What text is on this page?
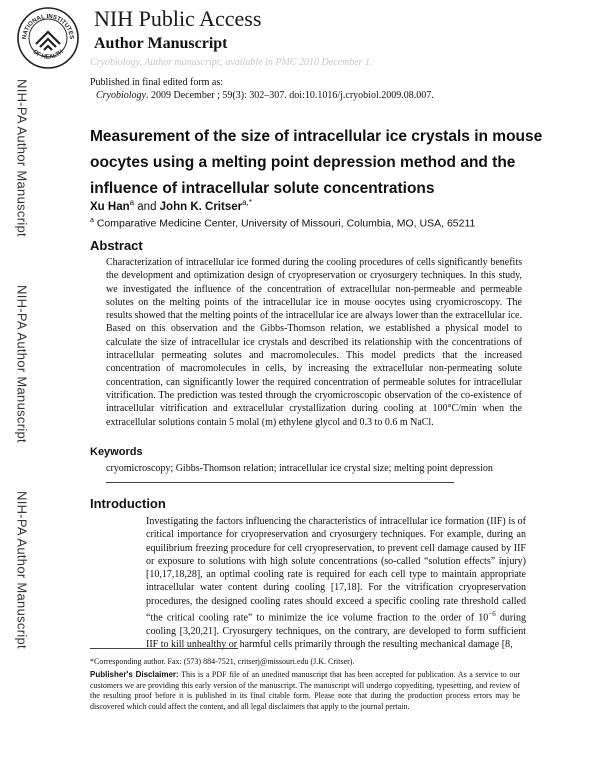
NATIONAL INSTITUTES
OF HEALTH
NIH Public Access
Author Manuscript
Cryobiology. Author manuscript; available in PMC 2010 December 1.
Published in final edited form as:
Cryobiology. 2009 December ; 59(3): 302–307. doi:10.1016/j.cryobiol.2009.08.007.
NIH-PA Author Manuscript
NIH-PA Author Manuscript
NIH-PA Author Manuscript
Measurement of the size of intracellular ice crystals in mouse oocytes using a melting point depression method and the influence of intracellular solute concentrations
Xu Han$^a$ and John K. Critser$^{a,*}$
$^a$ Comparative Medicine Center, University of Missouri, Columbia, MO, USA, 65211
Abstract
Characterization of intracellular ice formed during the cooling procedures of cells significantly benefits the development and optimization design of cryopreservation or cryosurgery techniques. In this study, we investigated the influence of the concentration of extracellular non-permeable and permeable solutes on the melting points of the intracellular ice in mouse oocytes using cryomicroscopy. The results showed that the melting points of the intracellular ice are always lower than the extracellular ice. Based on this observation and the Gibbs-Thomson relation, we established a physical model to calculate the size of intracellular ice crystals and described its relationship with the concentrations of intracellular permeating solutes and macromolecules. This model predicts that the increased concentration of macromolecules in cells, by increasing the extracellular non-permeating solute concentration, can significantly lower the required concentration of permeable solutes for intracellular vitrification. The prediction was tested through the cryomicroscopic observation of the co-existence of intracellular vitrification and extracellular crystallization during cooling at 100°C/min when the extracellular solutions contain 5 molal (m) ethylene glycol and 0.3 to 0.6 m NaCl.
Keywords
cryomicroscopy; Gibbs-Thomson relation; intracellular ice crystal size; melting point depression
Introduction
Investigating the factors influencing the characteristics of intracellular ice formation (IIF) is of critical importance for cryopreservation and cryosurgery techniques. For example, during an equilibrium freezing procedure for cell cryopreservation, to prevent cell damage caused by IIF or exposure to solutions with high solute concentrations (so-called “solution effects” injury) [10,17,18,28], an optimal cooling rate is required for each cell type to maintain appropriate intracellular water content during cooling [17,18]. For the vitrification cryopreservation procedures, the designed cooling rates should exceed a specific cooling rate threshold called “the critical cooling rate” to minimize the ice volume fraction to the order of $10^{-6}$ during cooling [3,20,21]. Cryosurgery techniques, on the contrary, are developed to form sufficient IIF to kill unhealthy or harmful cells primarily through the resulting mechanical damage [8,
*Corresponding author. Fax: (573) 884-7521, critserj@missouri.edu (J.K. Critser).
Publisher's Disclaimer: This is a PDF file of an unedited manuscript that has been accepted for publication. As a service to our customers we are providing this early version of the manuscript. The manuscript will undergo copyediting, typesetting, and review of the resulting proof before it is published in its final citable form. Please note that during the production process errors may be discovered which could affect the content, and all legal disclaimers that apply to the journal pertain.
